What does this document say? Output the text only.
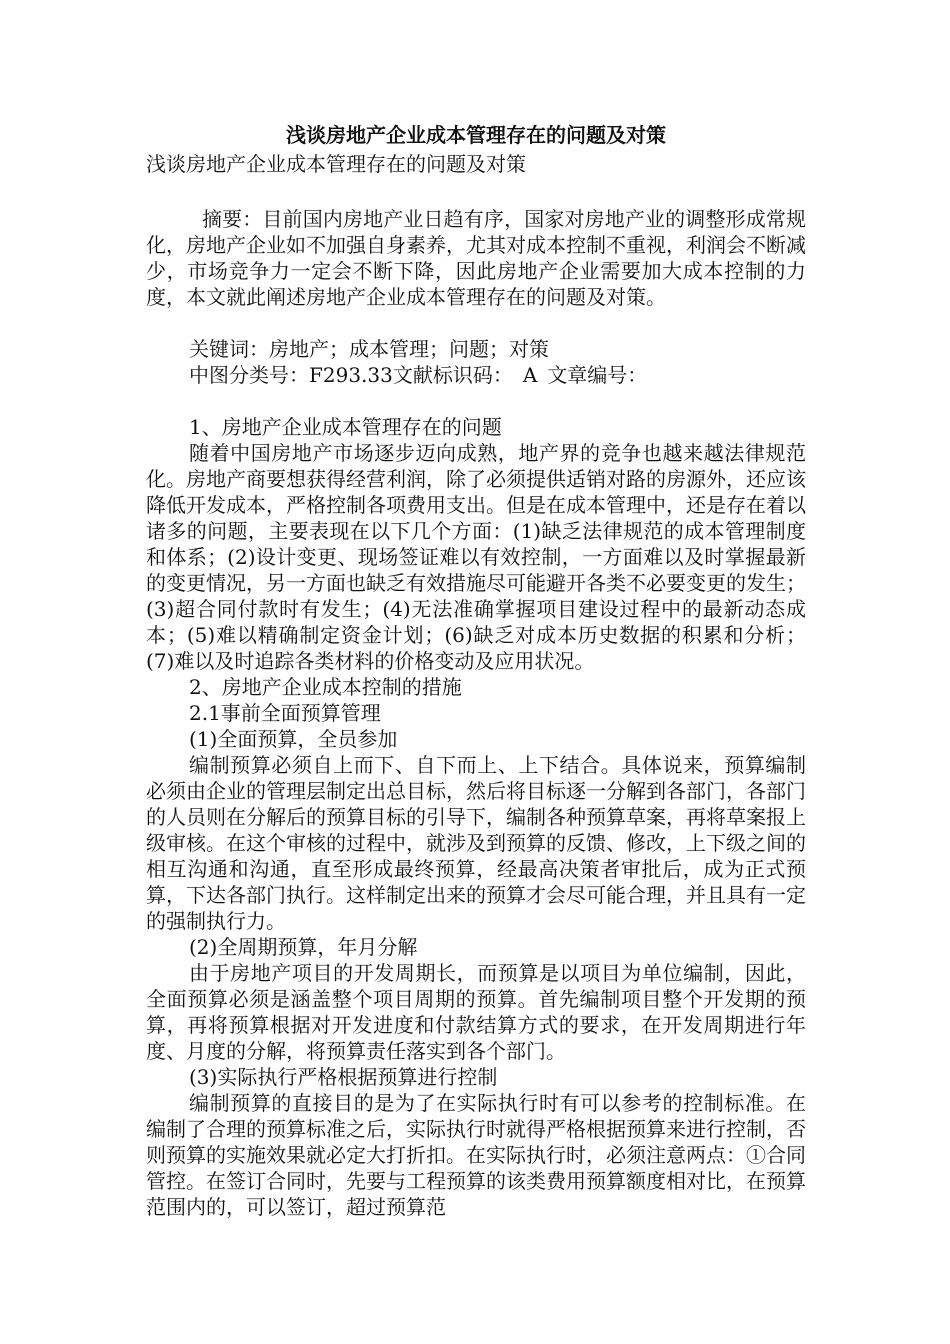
浅谈房地产企业成本管理存在的问题及对策

浅谈房地产企业成本管理存在的问题及对策

摘要：目前国内房地产业日趋有序，国家对房地产业的调整形成常规化，房地产企业如不加强自身素养，尤其对成本控制不重视，利润会不断减少，市场竞争力一定会不断下降，因此房地产企业需要加大成本控制的力度，本文就此阐述房地产企业成本管理存在的问题及对策。

关键词：房地产；成本管理；问题；对策

中图分类号：F293.33文献标识码： A 文章编号：

1、房地产企业成本管理存在的问题

随着中国房地产市场逐步迈向成熟，地产界的竞争也越来越法律规范化。房地产商要想获得经营利润，除了必须提供适销对路的房源外，还应该降低开发成本，严格控制各项费用支出。但是在成本管理中，还是存在着以诸多的问题，主要表现在以下几个方面：(1)缺乏法律规范的成本管理制度和体系；(2)设计变更、现场签证难以有效控制，一方面难以及时掌握最新的变更情况，另一方面也缺乏有效措施尽可能避开各类不必要变更的发生；(3)超合同付款时有发生；(4)无法准确掌握项目建设过程中的最新动态成本；(5)难以精确制定资金计划；(6)缺乏对成本历史数据的积累和分析；(7)难以及时追踪各类材料的价格变动及应用状况。

2、房地产企业成本控制的措施

2.1事前全面预算管理

(1)全面预算，全员参加

编制预算必须自上而下、自下而上、上下结合。具体说来，预算编制必须由企业的管理层制定出总目标，然后将目标逐一分解到各部门，各部门的人员则在分解后的预算目标的引导下，编制各种预算草案，再将草案报上级审核。在这个审核的过程中，就涉及到预算的反馈、修改，上下级之间的相互沟通和沟通，直至形成最终预算，经最高决策者审批后，成为正式预算，下达各部门执行。这样制定出来的预算才会尽可能合理，并且具有一定的强制执行力。

(2)全周期预算，年月分解

由于房地产项目的开发周期长，而预算是以项目为单位编制，因此，全面预算必须是涵盖整个项目周期的预算。首先编制项目整个开发期的预算，再将预算根据对开发进度和付款结算方式的要求，在开发周期进行年度、月度的分解，将预算责任落实到各个部门。

(3)实际执行严格根据预算进行控制

编制预算的直接目的是为了在实际执行时有可以参考的控制标准。在编制了合理的预算标准之后，实际执行时就得严格根据预算来进行控制，否则预算的实施效果就必定大打折扣。在实际执行时，必须注意两点：①合同管控。在签订合同时，先要与工程预算的该类费用预算额度相对比，在预算范围内的，可以签订，超过预算范
